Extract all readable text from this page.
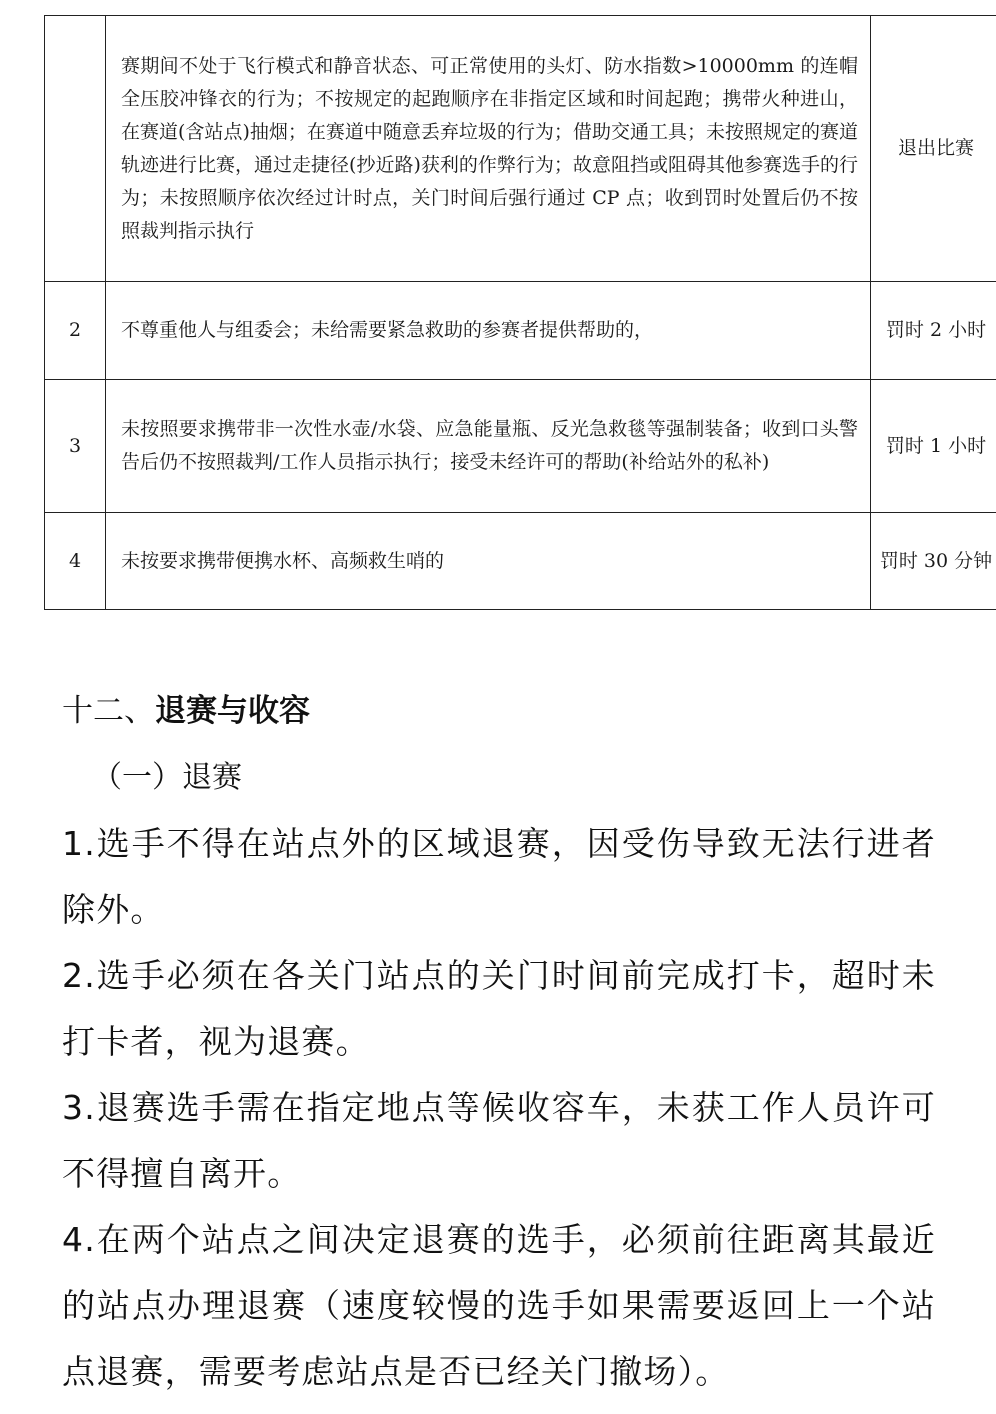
	赛期间不处于飞行模式和静音状态、可正常使用的头灯、防水指数>10000mm 的连帽全压胶冲锋衣的行为；不按规定的起跑顺序在非指定区域和时间起跑；携带火种进山，在赛道(含站点)抽烟；在赛道中随意丢弃垃圾的行为；借助交通工具；未按照规定的赛道轨迹进行比赛，通过走捷径(抄近路)获利的作弊行为；故意阻挡或阻碍其他参赛选手的行为；未按照顺序依次经过计时点，关门时间后强行通过 CP 点；收到罚时处置后仍不按照裁判指示执行	退出比赛
2	不尊重他人与组委会；未给需要紧急救助的参赛者提供帮助的，	罚时 2 小时
3	未按照要求携带非一次性水壶/水袋、应急能量瓶、反光急救毯等强制装备；收到口头警告后仍不按照裁判/工作人员指示执行；接受未经许可的帮助(补给站外的私补)	罚时 1 小时
4	未按要求携带便携水杯、高频救生哨的	罚时 30 分钟
十二、退赛与收容
（一）退赛

1.选手不得在站点外的区域退赛，因受伤导致无法行进者除外。

2.选手必须在各关门站点的关门时间前完成打卡，超时未打卡者，视为退赛。

3.退赛选手需在指定地点等候收容车，未获工作人员许可不得擅自离开。

4.在两个站点之间决定退赛的选手，必须前往距离其最近的站点办理退赛（速度较慢的选手如果需要返回上一个站点退赛，需要考虑站点是否已经关门撤场）。
